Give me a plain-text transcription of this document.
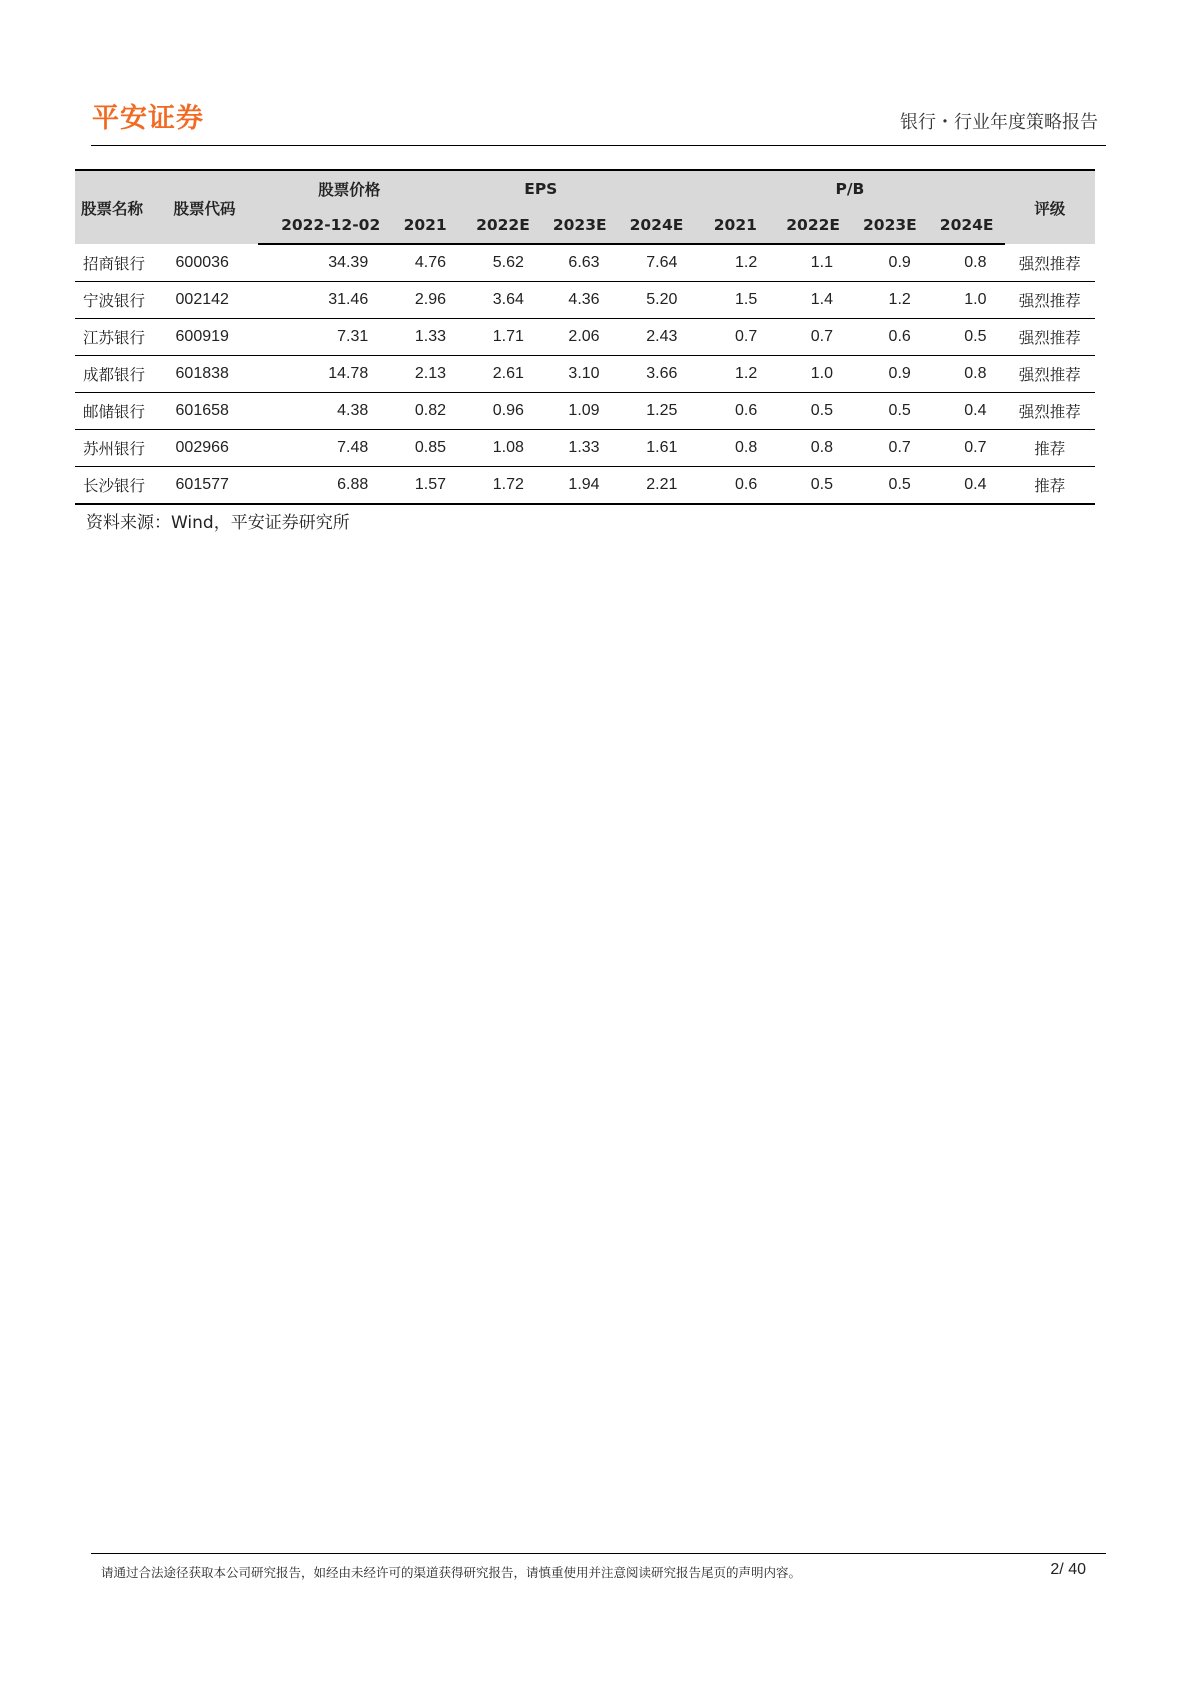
平安证券	银行・行业年度策略报告
股票名称	股票代码	股票价格	EPS				P/B				评级
		2022-12-02	2021	2022E	2023E	2024E	2021	2022E	2023E	2024E	
招商银行	600036	34.39	4.76	5.62	6.63	7.64	1.2	1.1	0.9	0.8	强烈推荐
宁波银行	002142	31.46	2.96	3.64	4.36	5.20	1.5	1.4	1.2	1.0	强烈推荐
江苏银行	600919	7.31	1.33	1.71	2.06	2.43	0.7	0.7	0.6	0.5	强烈推荐
成都银行	601838	14.78	2.13	2.61	3.10	3.66	1.2	1.0	0.9	0.8	强烈推荐
邮储银行	601658	4.38	0.82	0.96	1.09	1.25	0.6	0.5	0.5	0.4	强烈推荐
苏州银行	002966	7.48	0.85	1.08	1.33	1.61	0.8	0.8	0.7	0.7	推荐
长沙银行	601577	6.88	1.57	1.72	1.94	2.21	0.6	0.5	0.5	0.4	推荐
资料来源：Wind，平安证券研究所
请通过合法途径获取本公司研究报告，如经由未经许可的渠道获得研究报告，请慎重使用并注意阅读研究报告尾页的声明内容。	2/ 40
